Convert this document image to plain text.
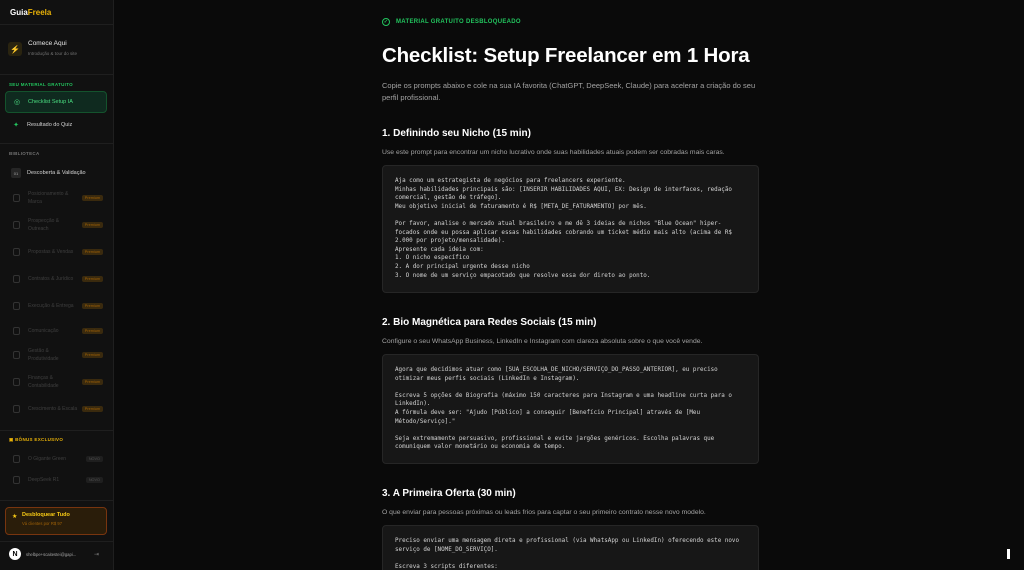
GuiaFreela
⚡
Comece Aqui
Introdução & tour do site
SEU MATERIAL GRATUITO
◎	Checklist Setup IA
✦	Resultado do Quiz
BIBLIOTECA
01	Descoberta & Validação
Posicionamento & Marca
Premium
Prospecção & Outreach
Premium
Propostas & Vendas	Premium
Contratos & Jurídico	Premium
Execução & Entrega	Premium
Comunicação	Premium
Gestão & Produtividade
Premium
Finanças & Contabilidade
Premium
Crescimento & Escala	Premium
▣ BÔNUS EXCLUSIVO
O Gigante Green	NOVO
DeepSeek R1	NOVO
★ Desbloquear Tudo
Vá clientes por R$ 97
N	shelbpe+scaitestei@gapi...	⇥
✓ MATERIAL GRATUITO DESBLOQUEADO
Checklist: Setup Freelancer em 1 Hora

Copie os prompts abaixo e cole na sua IA favorita (ChatGPT, DeepSeek, Claude) para acelerar a criação do seu perfil profissional.

1. Definindo seu Nicho (15 min)

Use este prompt para encontrar um nicho lucrativo onde suas habilidades atuais podem ser cobradas mais caras.

Aja como um estrategista de negócios para freelancers experiente.
Minhas habilidades principais são: [INSERIR HABILIDADES AQUI, EX: Design de interfaces, redação comercial, gestão de tráfego].
Meu objetivo inicial de faturamento é R$ [META_DE_FATURAMENTO] por mês.

Por favor, analise o mercado atual brasileiro e me dê 3 ideias de nichos "Blue Ocean" hiper-focados onde eu possa aplicar essas habilidades cobrando um ticket médio mais alto (acima de R$ 2.000 por projeto/mensalidade).
Apresente cada ideia com:
1. O nicho específico
2. A dor principal urgente desse nicho
3. O nome de um serviço empacotado que resolve essa dor direto ao ponto.
2. Bio Magnética para Redes Sociais (15 min)

Configure o seu WhatsApp Business, LinkedIn e Instagram com clareza absoluta sobre o que você vende.

Agora que decidimos atuar como [SUA_ESCOLHA_DE_NICHO/SERVIÇO_DO_PASSO_ANTERIOR], eu preciso otimizar meus perfis sociais (LinkedIn e Instagram).

Escreva 5 opções de Biografia (máximo 150 caracteres para Instagram e uma headline curta para o LinkedIn).
A fórmula deve ser: "Ajudo [Público] a conseguir [Benefício Principal] através de [Meu Método/Serviço]."

Seja extremamente persuasivo, profissional e evite jargões genéricos. Escolha palavras que comuniquem valor monetário ou economia de tempo.
3. A Primeira Oferta (30 min)

O que enviar para pessoas próximas ou leads frios para captar o seu primeiro contrato nesse novo modelo.

Preciso enviar uma mensagem direta e profissional (via WhatsApp ou LinkedIn) oferecendo este novo serviço de [NOME_DO_SERVIÇO].

Escreva 3 scripts diferentes:
